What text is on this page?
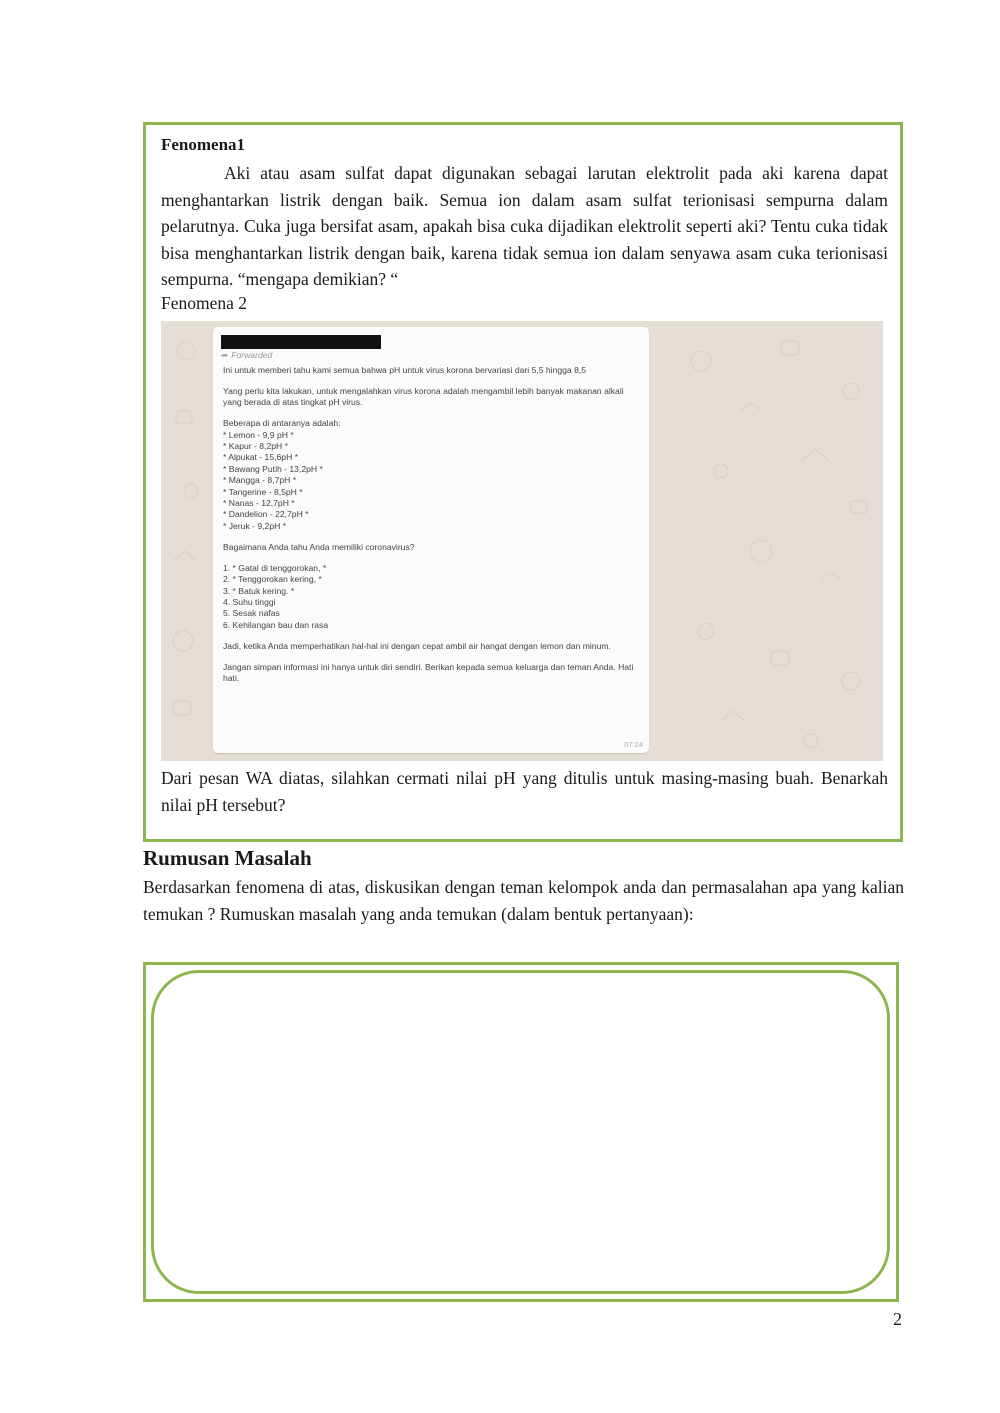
Fenomena1

Aki atau asam sulfat dapat digunakan sebagai larutan elektrolit pada aki karena dapat menghantarkan listrik dengan baik. Semua ion dalam asam sulfat terionisasi sempurna dalam pelarutnya. Cuka juga bersifat asam, apakah bisa cuka dijadikan elektrolit seperti aki? Tentu cuka tidak bisa menghantarkan listrik dengan baik, karena tidak semua ion dalam senyawa asam cuka terionisasi sempurna. “mengapa demikian? “

Fenomena 2
➦ Forwarded

Ini untuk memberi tahu kami semua bahwa pH untuk virus korona bervariasi dari 5,5 hingga 8,5

Yang perlu kita lakukan, untuk mengalahkan virus korona adalah mengambil lebih banyak makanan alkali yang berada di atas tingkat pH virus.

Beberapa di antaranya adalah:
* Lemon - 9,9 pH *
* Kapur - 8,2pH *
* Alpukat - 15,6pH *
* Bawang Putih - 13,2pH *
* Mangga - 8,7pH *
* Tangerine - 8,5pH *
* Nanas - 12,7pH *
* Dandelion - 22,7pH *
* Jeruk - 9,2pH *

Bagaimana Anda tahu Anda memiliki coronavirus?

1. * Gatal di tenggorokan, *
2. * Tenggorokan kering, *
3. * Batuk kering. *
4. Suhu tinggi
5. Sesak nafas
6. Kehilangan bau dan rasa

Jadi, ketika Anda memperhatikan hal-hal ini dengan cepat ambil air hangat dengan lemon dan minum.

Jangan simpan informasi ini hanya untuk diri sendiri. Berikan kepada semua keluarga dan teman Anda. Hati hati.

07:24

Dari pesan WA diatas, silahkan cermati nilai pH yang ditulis untuk masing-masing buah. Benarkah nilai pH tersebut?

Rumusan Masalah

Berdasarkan fenomena di atas, diskusikan dengan teman kelompok anda dan permasalahan apa yang kalian temukan ? Rumuskan masalah yang anda temukan (dalam bentuk pertanyaan):

2
